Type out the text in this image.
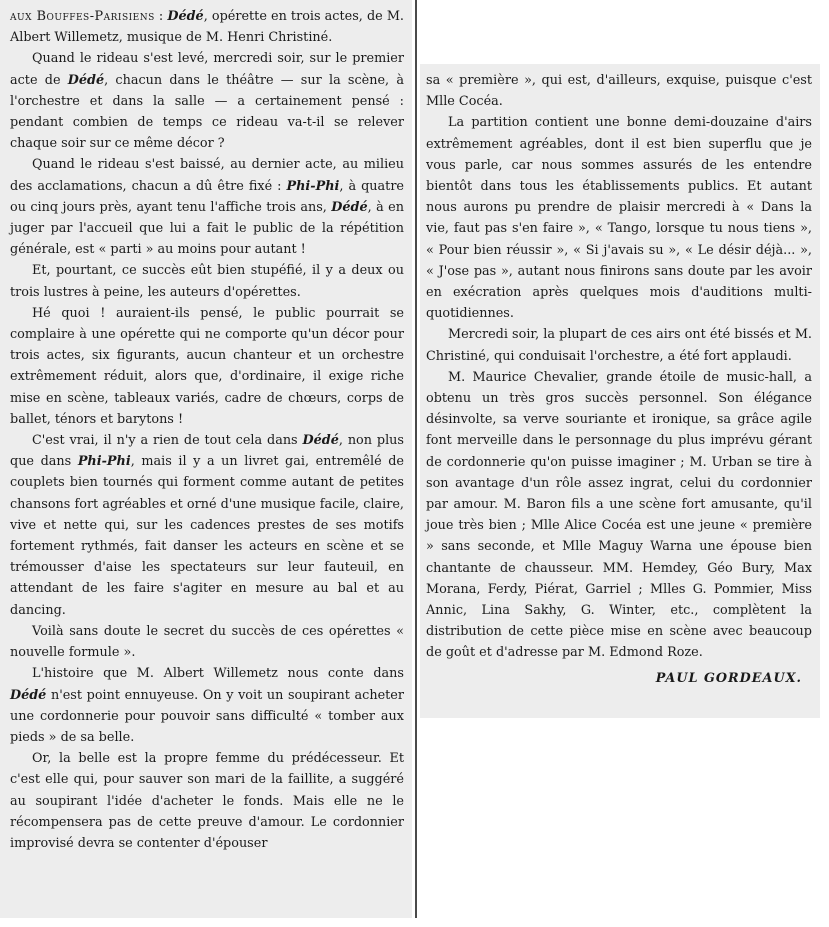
aux Bouffes-Parisiens : Dédé, opérette en trois actes, de M. Albert Willemetz, musique de M. Henri Christiné.

Quand le rideau s'est levé, mercredi soir, sur le premier acte de Dédé, chacun dans le théâtre — sur la scène, à l'orchestre et dans la salle — a certainement pensé : pendant combien de temps ce rideau va-t-il se relever chaque soir sur ce même décor ?

Quand le rideau s'est baissé, au dernier acte, au milieu des acclamations, chacun a dû être fixé : Phi-Phi, à quatre ou cinq jours près, ayant tenu l'affiche trois ans, Dédé, à en juger par l'accueil que lui a fait le public de la répétition générale, est « parti » au moins pour autant !

Et, pourtant, ce succès eût bien stupéfié, il y a deux ou trois lustres à peine, les auteurs d'opérettes.

Hé quoi ! auraient-ils pensé, le public pourrait se complaire à une opérette qui ne comporte qu'un décor pour trois actes, six figurants, aucun chanteur et un orchestre extrêmement réduit, alors que, d'ordinaire, il exige riche mise en scène, tableaux variés, cadre de chœurs, corps de ballet, ténors et barytons !

C'est vrai, il n'y a rien de tout cela dans Dédé, non plus que dans Phi-Phi, mais il y a un livret gai, entremêlé de couplets bien tournés qui forment comme autant de petites chansons fort agréables et orné d'une musique facile, claire, vive et nette qui, sur les cadences prestes de ses motifs fortement rythmés, fait danser les acteurs en scène et se trémousser d'aise les spectateurs sur leur fauteuil, en attendant de les faire s'agiter en mesure au bal et au dancing.

Voilà sans doute le secret du succès de ces opérettes « nouvelle formule ».

L'histoire que M. Albert Willemetz nous conte dans Dédé n'est point ennuyeuse. On y voit un soupirant acheter une cordonnerie pour pouvoir sans difficulté « tomber aux pieds » de sa belle.

Or, la belle est la propre femme du prédécesseur. Et c'est elle qui, pour sauver son mari de la faillite, a suggéré au soupirant l'idée d'acheter le fonds. Mais elle ne le récompensera pas de cette preuve d'amour. Le cordonnier improvisé devra se contenter d'épouser

sa « première », qui est, d'ailleurs, exquise, puisque c'est Mlle Cocéa.

La partition contient une bonne demi-douzaine d'airs extrêmement agréables, dont il est bien superflu que je vous parle, car nous sommes assurés de les entendre bientôt dans tous les établissements publics. Et autant nous aurons pu prendre de plaisir mercredi à « Dans la vie, faut pas s'en faire », « Tango, lorsque tu nous tiens », « Pour bien réussir », « Si j'avais su », « Le désir déjà... », « J'ose pas », autant nous finirons sans doute par les avoir en exécration après quelques mois d'auditions multi-quotidiennes.

Mercredi soir, la plupart de ces airs ont été bissés et M. Christiné, qui conduisait l'orchestre, a été fort applaudi.

M. Maurice Chevalier, grande étoile de music-hall, a obtenu un très gros succès personnel. Son élégance désinvolte, sa verve souriante et ironique, sa grâce agile font merveille dans le personnage du plus imprévu gérant de cordonnerie qu'on puisse imaginer ; M. Urban se tire à son avantage d'un rôle assez ingrat, celui du cordonnier par amour. M. Baron fils a une scène fort amusante, qu'il joue très bien ; Mlle Alice Cocéa est une jeune « première » sans seconde, et Mlle Maguy Warna une épouse bien chantante de chausseur. MM. Hemdey, Géo Bury, Max Morana, Ferdy, Piérat, Garriel ; Mlles G. Pommier, Miss Annic, Lina Sakhy, G. Winter, etc., complètent la distribution de cette pièce mise en scène avec beaucoup de goût et d'adresse par M. Edmond Roze.

PAUL GORDEAUX.
